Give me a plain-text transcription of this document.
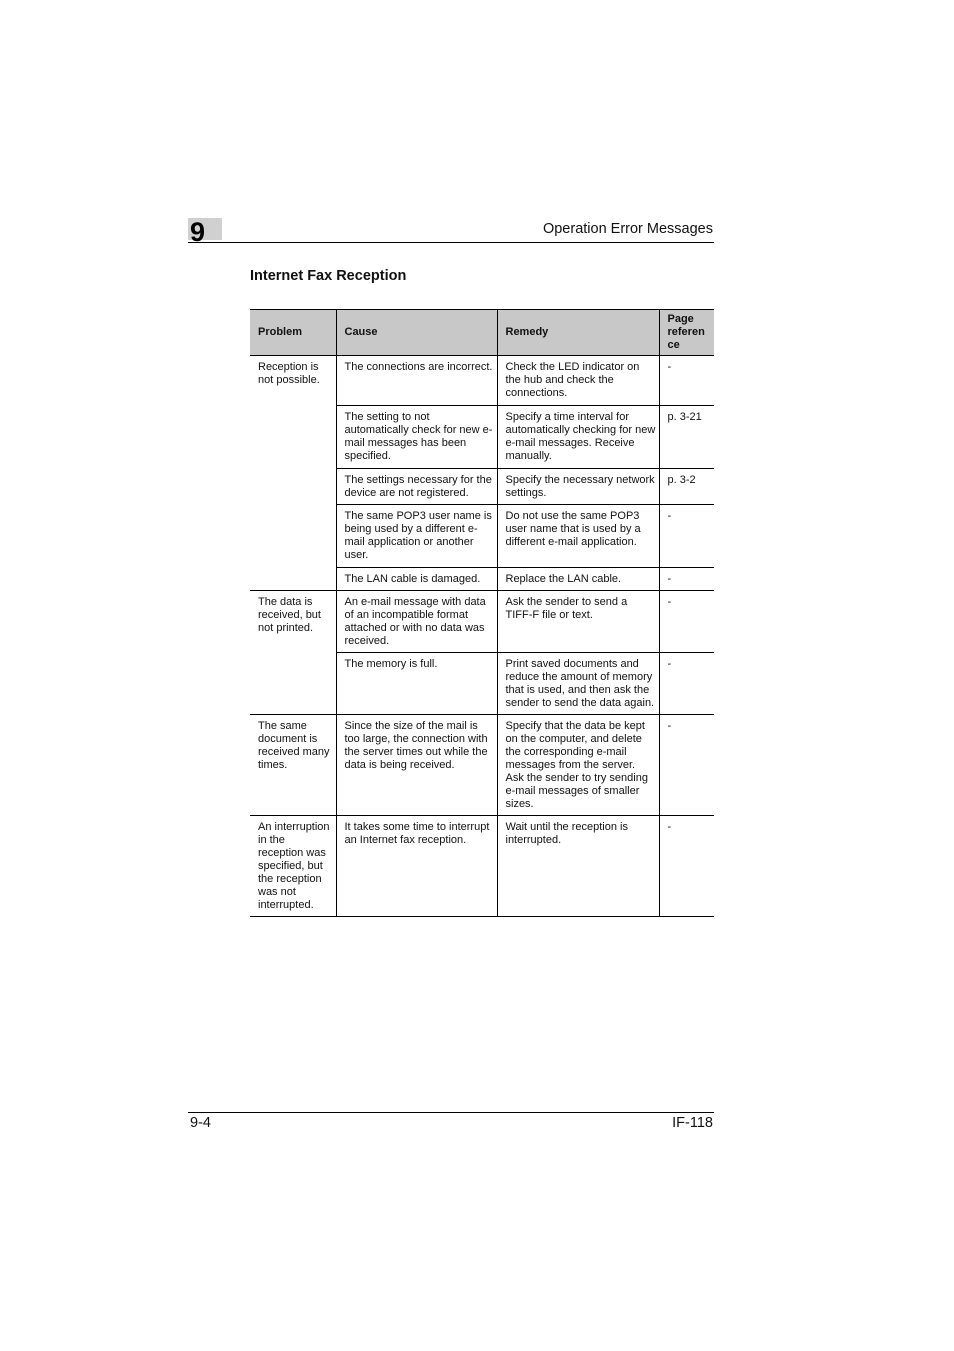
9	Operation Error Messages
Internet Fax Reception
Problem	Cause	Remedy	Page referen ce
Reception is not possible.	The connections are incorrect.	Check the LED indicator on the hub and check the connections.	-
	The setting to not automatically check for new e-mail messages has been specified.	Specify a time interval for automatically checking for new e-mail messages. Receive manually.	p. 3-21
	The settings necessary for the device are not registered.	Specify the necessary network settings.	p. 3-2
	The same POP3 user name is being used by a different e-mail application or another user.	Do not use the same POP3 user name that is used by a different e-mail application.	-
	The LAN cable is damaged.	Replace the LAN cable.	-
The data is received, but not printed.	An e-mail message with data of an incompatible format attached or with no data was received.	Ask the sender to send a TIFF-F file or text.	-
	The memory is full.	Print saved documents and reduce the amount of memory that is used, and then ask the sender to send the data again.	-
The same document is received many times.	Since the size of the mail is too large, the connection with the server times out while the data is being received.	Specify that the data be kept on the computer, and delete the corresponding e-mail messages from the server. Ask the sender to try sending e-mail messages of smaller sizes.	-
An interruption in the reception was specified, but the reception was not interrupted.	It takes some time to interrupt an Internet fax reception.	Wait until the reception is interrupted.	-
9-4	IF-118
